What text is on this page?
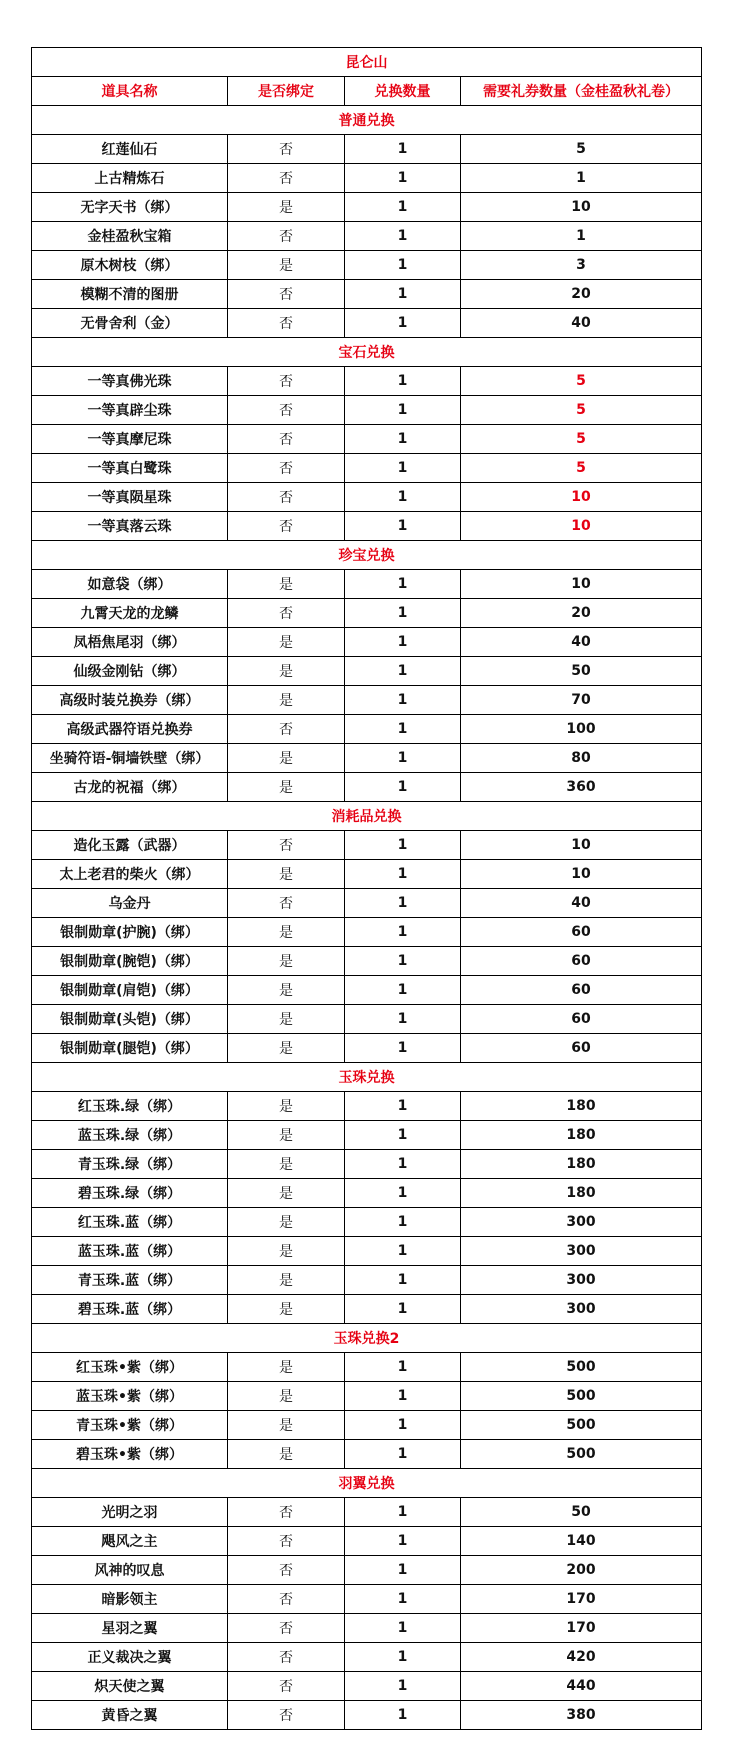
昆仑山			
道具名称	是否绑定	兑换数量	需要礼券数量（金桂盈秋礼卷）
普通兑换			
红莲仙石	否	1	5
上古精炼石	否	1	1
无字天书（绑）	是	1	10
金桂盈秋宝箱	否	1	1
原木树枝（绑）	是	1	3
模糊不清的图册	否	1	20
无骨舍利（金）	否	1	40
宝石兑换			
一等真佛光珠	否	1	5
一等真辟尘珠	否	1	5
一等真摩尼珠	否	1	5
一等真白鹭珠	否	1	5
一等真陨星珠	否	1	10
一等真落云珠	否	1	10
珍宝兑换			
如意袋（绑）	是	1	10
九霄天龙的龙鳞	否	1	20
凤梧焦尾羽（绑）	是	1	40
仙级金刚钻（绑）	是	1	50
高级时装兑换券（绑）	是	1	70
高级武器符语兑换券	否	1	100
坐骑符语-铜墙铁壁（绑）	是	1	80
古龙的祝福（绑）	是	1	360
消耗品兑换			
造化玉露（武器）	否	1	10
太上老君的柴火（绑）	是	1	10
乌金丹	否	1	40
银制勋章(护腕)（绑）	是	1	60
银制勋章(腕铠)（绑）	是	1	60
银制勋章(肩铠)（绑）	是	1	60
银制勋章(头铠)（绑）	是	1	60
银制勋章(腿铠)（绑）	是	1	60
玉珠兑换			
红玉珠.绿（绑）	是	1	180
蓝玉珠.绿（绑）	是	1	180
青玉珠.绿（绑）	是	1	180
碧玉珠.绿（绑）	是	1	180
红玉珠.蓝（绑）	是	1	300
蓝玉珠.蓝（绑）	是	1	300
青玉珠.蓝（绑）	是	1	300
碧玉珠.蓝（绑）	是	1	300
玉珠兑换2			
红玉珠•紫（绑）	是	1	500
蓝玉珠•紫（绑）	是	1	500
青玉珠•紫（绑）	是	1	500
碧玉珠•紫（绑）	是	1	500
羽翼兑换			
光明之羽	否	1	50
飓风之主	否	1	140
风神的叹息	否	1	200
暗影领主	否	1	170
星羽之翼	否	1	170
正义裁决之翼	否	1	420
炽天使之翼	否	1	440
黄昏之翼	否	1	380
